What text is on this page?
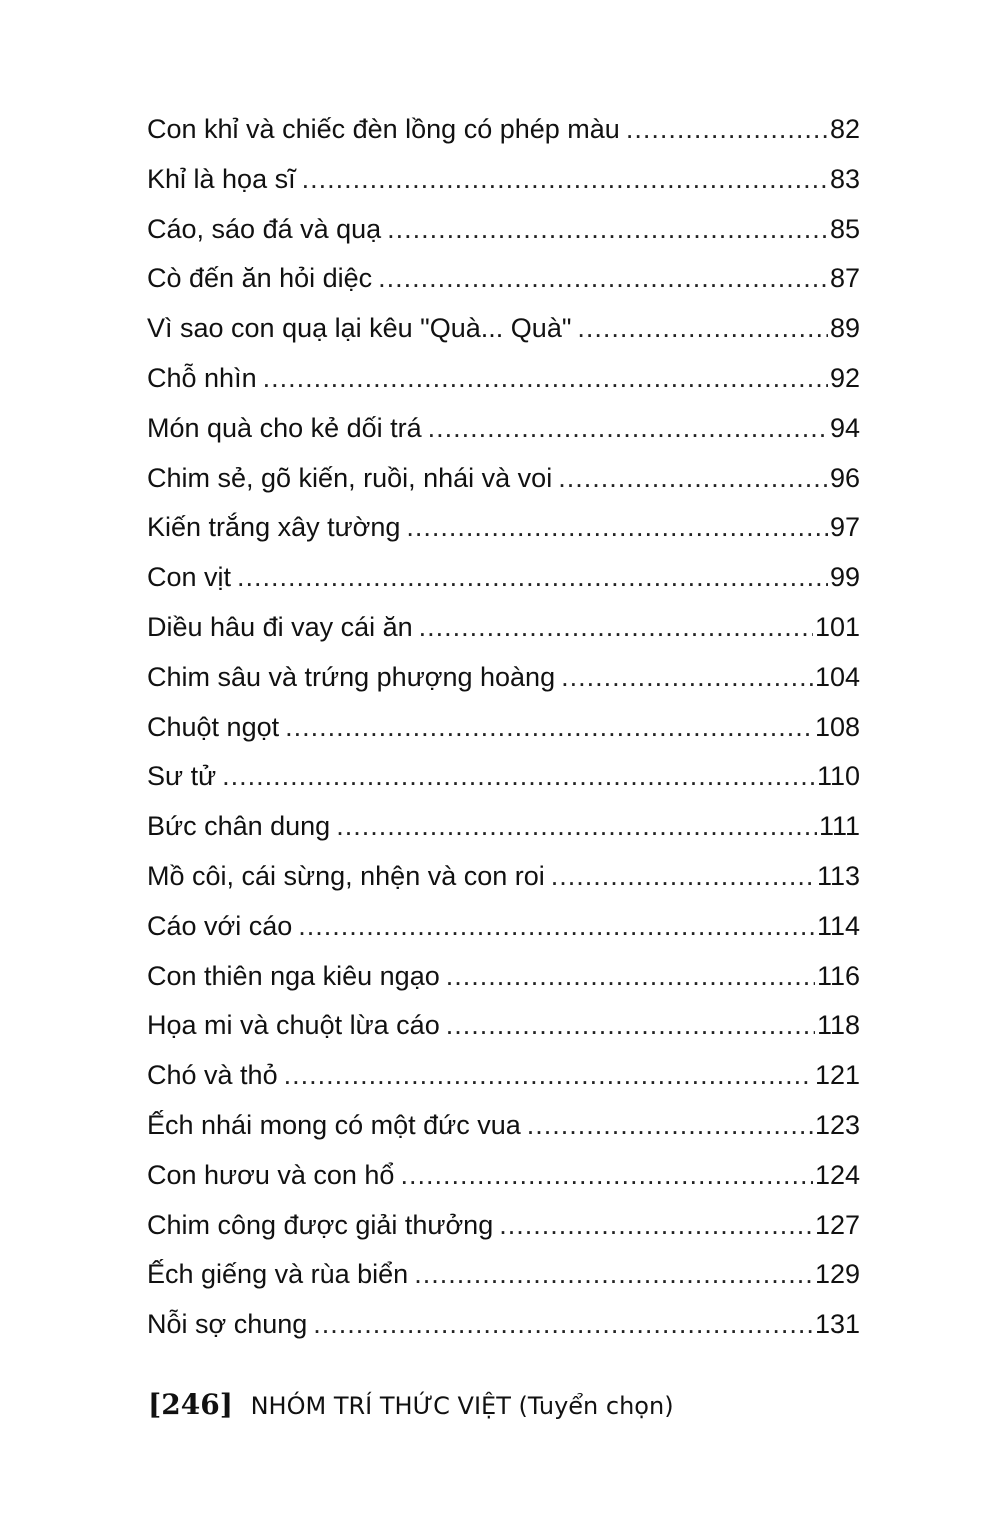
Con khỉ và chiếc đèn lồng có phép màu .....	82
Khỉ là họa sĩ .....	83
Cáo, sáo đá và quạ .....	85
Cò đến ăn hỏi diệc .....	87
Vì sao con quạ lại kêu "Quà... Quà" .....	89
Chỗ nhìn .....	92
Món quà cho kẻ dối trá .....	94
Chim sẻ, gõ kiến, ruồi, nhái và voi .....	96
Kiến trắng xây tường .....	97
Con vịt .....	99
Diều hâu đi vay cái ăn .....	101
Chim sâu và trứng phượng hoàng .....	104
Chuột ngọt .....	108
Sư tử .....	110
Bức chân dung .....	111
Mồ côi, cái sừng, nhện và con roi .....	113
Cáo với cáo .....	114
Con thiên nga kiêu ngạo .....	116
Họa mi và chuột lừa cáo .....	118
Chó và thỏ .....	121
Ếch nhái mong có một đức vua .....	123
Con hươu và con hổ .....	124
Chim công được giải thưởng .....	127
Ếch giếng và rùa biển .....	129
Nỗi sợ chung .....	131
[246] NHÓM TRÍ THỨC VIỆT (Tuyển chọn)
